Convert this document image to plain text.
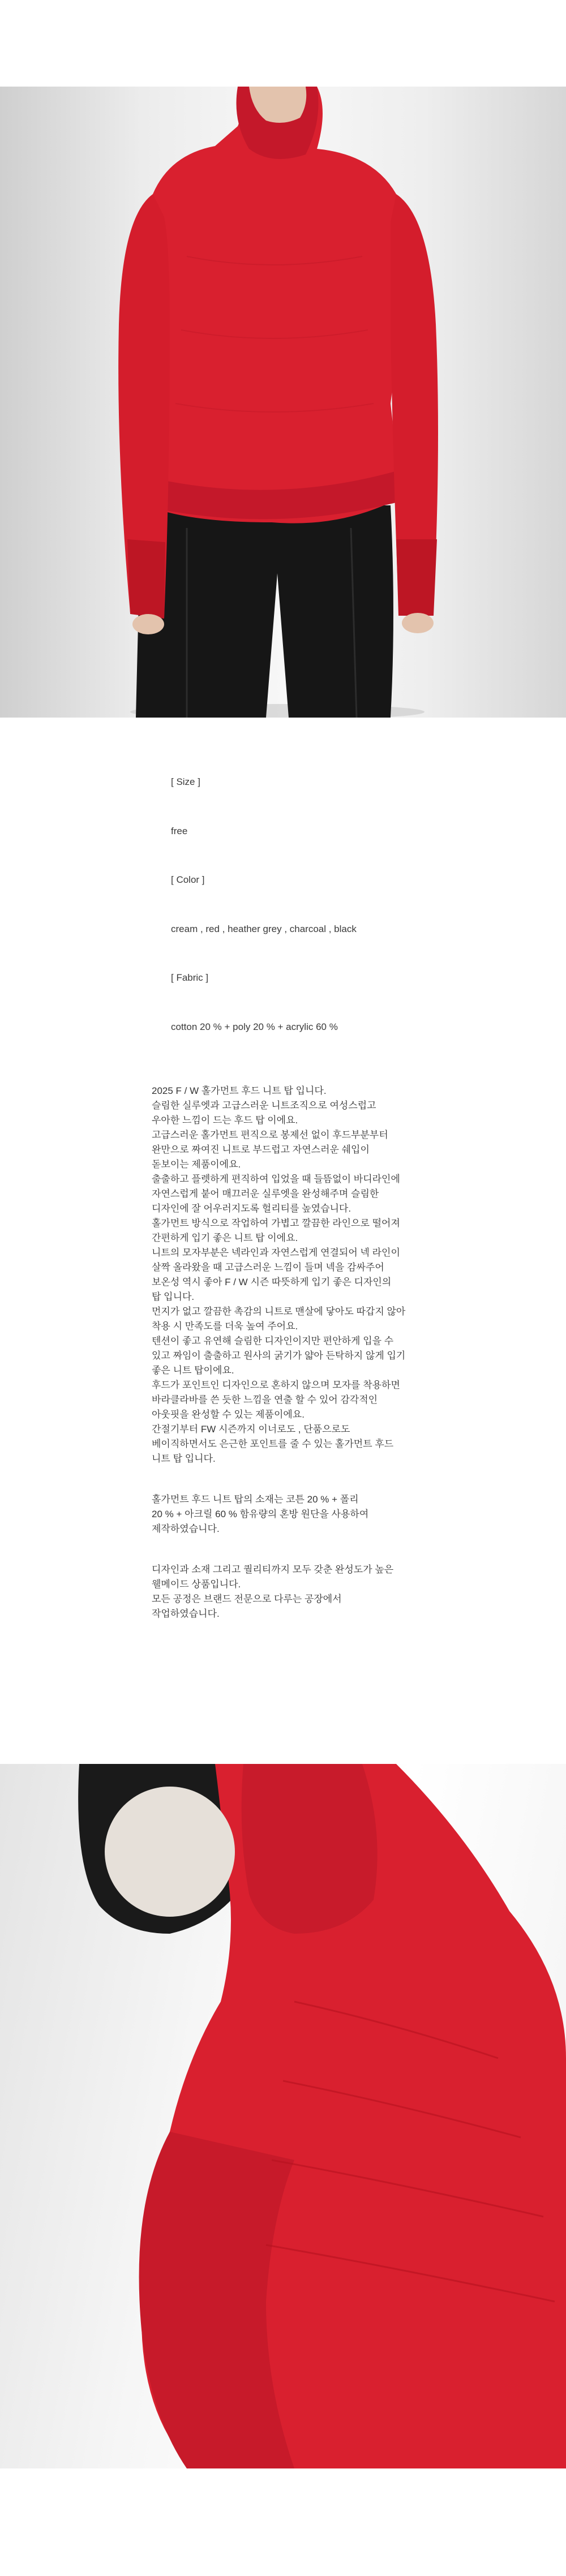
[ Size ]
free
[ Color ]
cream , red , heather grey , charcoal , black
[ Fabric ]
cotton 20 % + poly 20 % + acrylic 60 %

2025 F / W 홀가먼트 후드 니트 탑 입니다.
슬림한 실루엣과 고급스러운 니트조직으로 여성스럽고
우아한 느낌이 드는 후드 탑 이에요.
고급스러운 홀가먼트 편직으로 봉제선 없이 후드부분부터
완만으로 짜여진 니트로 부드럽고 자연스러운 쉐입이
돋보이는 제품이에요.
출출하고 플렛하게 편직하여 입었을 때 들뜸없이 바디라인에
자연스럽게 붙어 매끄러운 실루엣을 완성해주며 슬림한
디자인에 잘 어우러지도록 헐리티를 높였습니다.
홀가먼트 방식으로 작업하여 가볍고 깔끔한 라인으로 떨어져
간편하게 입기 좋은 니트 탑 이에요.
니트의 모자부분은 넥라인과 자연스럽게 연결되어 넥 라인이
살짝 올라왔을 때 고급스러운 느낌이 들며 넥을 감싸주어
보온성 역시 좋아 F / W 시즌 따뜻하게 입기 좋은 디자인의
탑 입니다.
먼지가 없고 깔끔한 촉감의 니트로 맨살에 닿아도 따갑지 않아
착용 시 만족도를 더욱 높여 주어요.
텐션이 좋고 유연해 슬림한 디자인이지만 편안하게 입을 수
있고 짜임이 출출하고 원사의 굵기가 얇아 든탁하지 않게 입기
좋은 니트 탑이에요.
후드가 포인트인 디자인으로 혼하지 않으며 모자를 착용하면
바라클라바를 쓴 듯한 느낌을 연출 할 수 있어 감각적인
아웃핏을 완성할 수 있는 제품이에요.
간절기부터 FW 시즌까지 이너로도 , 단품으로도
베이직하면서도 은근한 포인트를 줄 수 있는 홀가먼트 후드
니트 탑 입니다.

홀가먼트 후드 니트 탑의 소재는 코튼 20 % + 폴리
20 % + 아크릴 60 % 함유량의 혼방 원단을 사용하여
제작하였습니다.

디자인과 소재 그리고 퀄리티까지 모두 갖춘 완성도가 높은
웰메이드 상품입니다.
모든 공정은 브랜드 전문으로 다루는 공장에서
작업하였습니다.
